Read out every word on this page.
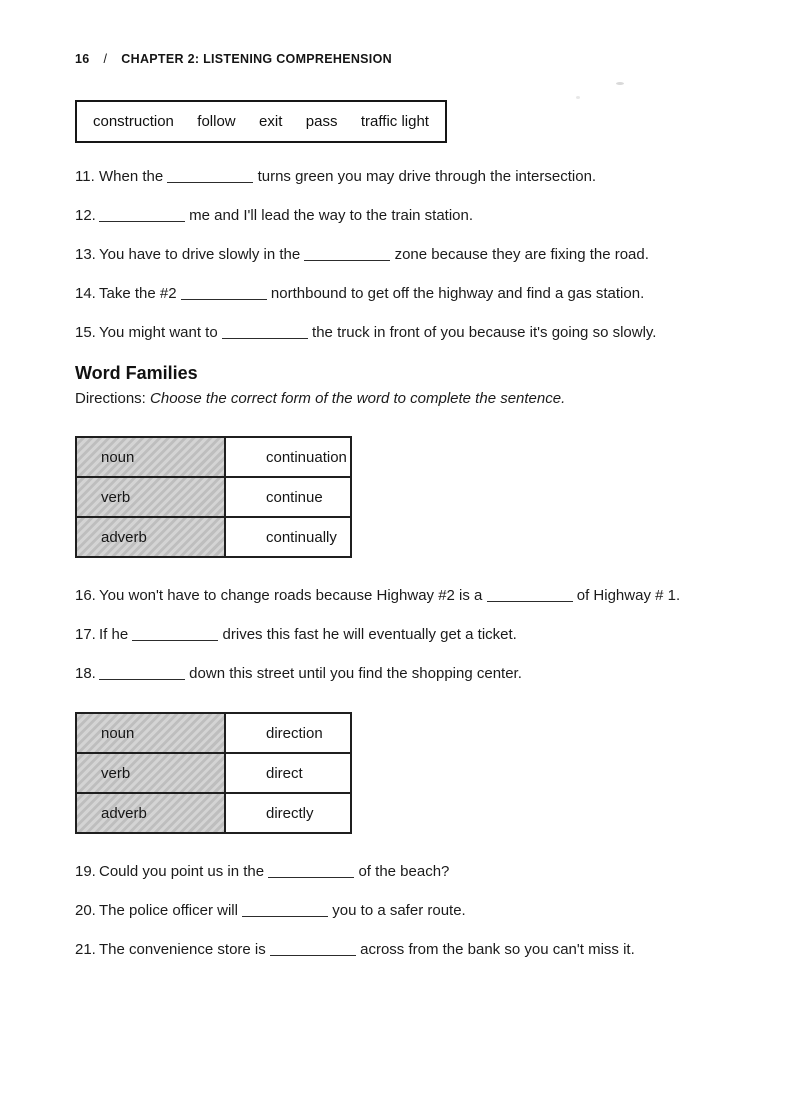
16 / CHAPTER 2: LISTENING COMPREHENSION
construction follow exit pass traffic light
11. When the	turns green you may drive through the intersection.
12.	me and I'll lead the way to the train station.
13. You have to drive slowly in the	zone because they are fixing the road.
14. Take the #2	northbound to get off the highway and find a gas station.
15. You might want to	the truck in front of you because it's going so slowly.
Word Families
Directions: Choose the correct form of the word to complete the sentence.
noun	continuation
verb	continue
adverb	continually
16. You won't have to change roads because Highway #2 is a	of Highway # 1.
17. If he	drives this fast he will eventually get a ticket.
18.	down this street until you find the shopping center.
noun	direction
verb	direct
adverb	directly
19. Could you point us in the	of the beach?
20. The police officer will	you to a safer route.
21. The convenience store is	across from the bank so you can't miss it.
